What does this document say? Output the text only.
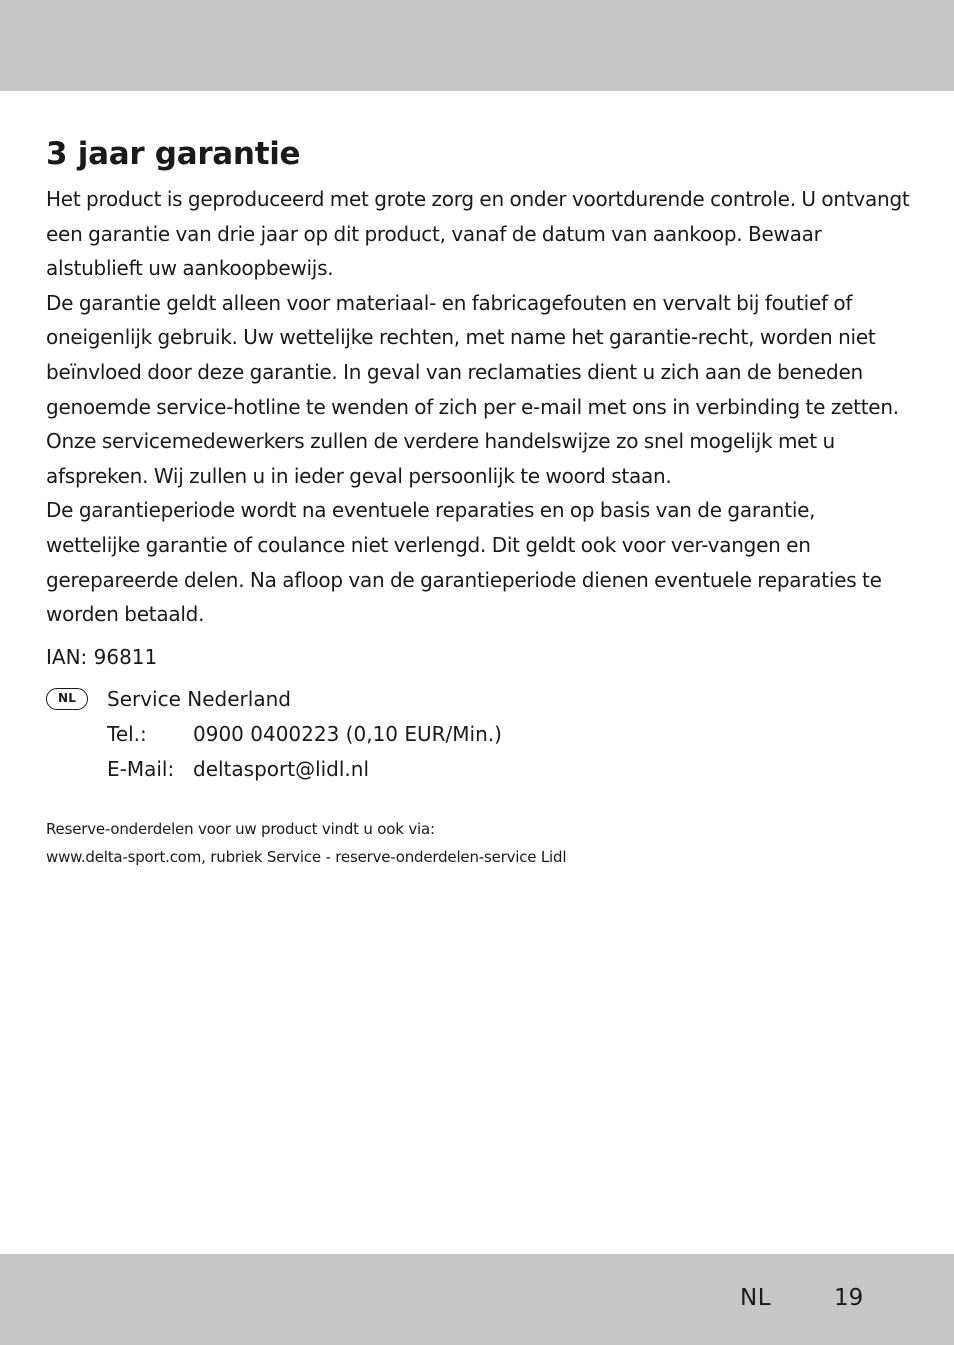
3 jaar garantie

Het product is geproduceerd met grote zorg en onder voortdurende controle. U ontvangt een garantie van drie jaar op dit product, vanaf de datum van aankoop. Bewaar alstublieft uw aankoopbewijs.

De garantie geldt alleen voor materiaal- en fabricagefouten en vervalt bij foutief of oneigenlijk gebruik. Uw wettelijke rechten, met name het garantie-recht, worden niet beïnvloed door deze garantie. In geval van reclamaties dient u zich aan de beneden genoemde service-hotline te wenden of zich per e-mail met ons in verbinding te zetten. Onze servicemedewerkers zullen de verdere handelswijze zo snel mogelijk met u afspreken. Wij zullen u in ieder geval persoonlijk te woord staan.

De garantieperiode wordt na eventuele reparaties en op basis van de garantie, wettelijke garantie of coulance niet verlengd. Dit geldt ook voor ver-vangen en gerepareerde delen. Na afloop van de garantieperiode dienen eventuele reparaties te worden betaald.

IAN: 96811

NL	Service Nederland
Tel.: 0900 0400223 (0,10 EUR/Min.)
E-Mail: deltasport@lidl.nl
Reserve-onderdelen voor uw product vindt u ook via:
www.delta-sport.com, rubriek Service - reserve-onderdelen-service Lidl
NL	19
